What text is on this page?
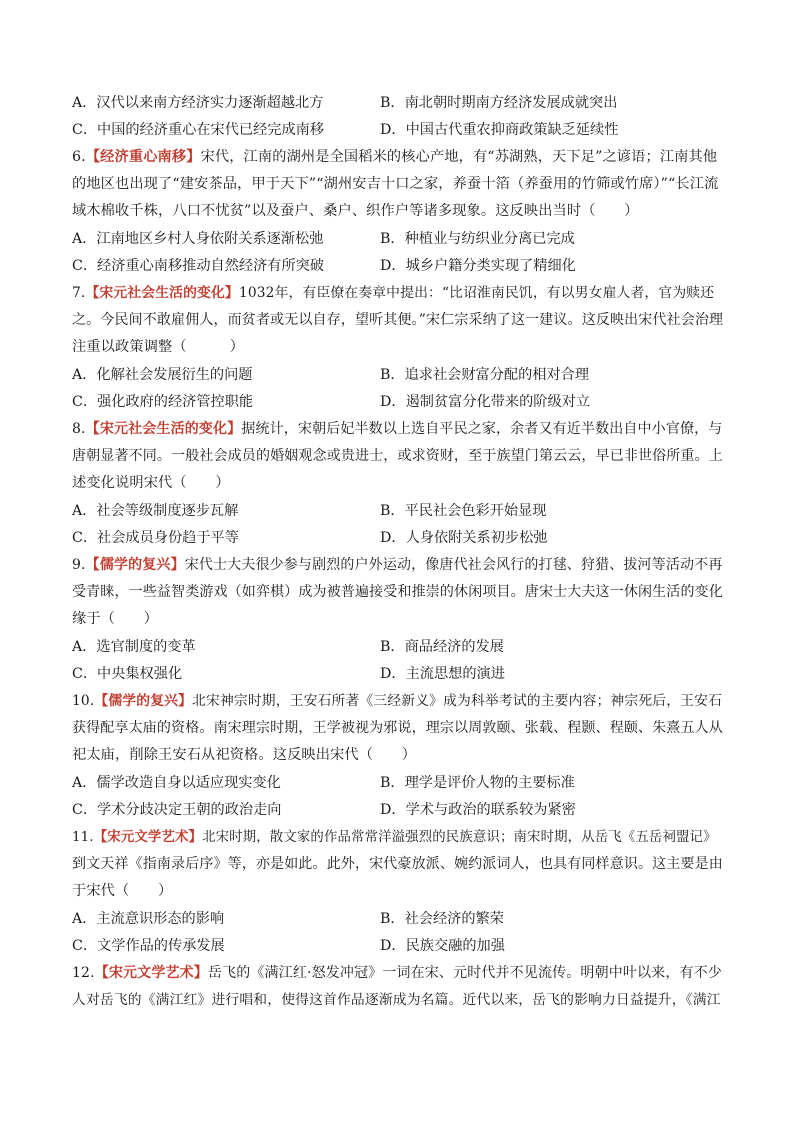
A．汉代以来南方经济实力逐渐超越北方	B．南北朝时期南方经济发展成就突出
C．中国的经济重心在宋代已经完成南移	D．中国古代重农抑商政策缺乏延续性
6.【经济重心南移】宋代，江南的湖州是全国稻米的核心产地，有“苏湖熟，天下足”之谚语；江南其他
的地区也出现了“建安茶品，甲于天下”“湖州安吉十口之家，养蚕十箔（养蚕用的竹筛或竹席）”“长江流
域木棉收千株，八口不忧贫”以及蚕户、桑户、织作户等诸多现象。这反映出当时（　　）
A．江南地区乡村人身依附关系逐渐松弛	B．种植业与纺织业分离已完成
C．经济重心南移推动自然经济有所突破	D．城乡户籍分类实现了精细化
7.【宋元社会生活的变化】1032年，有臣僚在奏章中提出：“比诏淮南民饥，有以男女雇人者，官为赎还
之。今民间不敢雇佣人，而贫者或无以自存，望听其便。”宋仁宗采纳了这一建议。这反映出宋代社会治理
注重以政策调整（　　　）
A．化解社会发展衍生的问题	B．追求社会财富分配的相对合理
C．强化政府的经济管控职能	D．遏制贫富分化带来的阶级对立
8.【宋元社会生活的变化】据统计，宋朝后妃半数以上选自平民之家，余者又有近半数出自中小官僚，与
唐朝显著不同。一般社会成员的婚姻观念或贵进士，或求资财，至于族望门第云云，早已非世俗所重。上
述变化说明宋代（　　）
A．社会等级制度逐步瓦解	B．平民社会色彩开始显现
C．社会成员身份趋于平等	D．人身依附关系初步松弛
9.【儒学的复兴】宋代士大夫很少参与剧烈的户外运动，像唐代社会风行的打毬、狩猎、拔河等活动不再
受青睐，一些益智类游戏（如弈棋）成为被普遍接受和推崇的休闲项目。唐宋士大夫这一休闲生活的变化
缘于（　　）
A．选官制度的变革	B．商品经济的发展
C．中央集权强化	D．主流思想的演进
10.【儒学的复兴】北宋神宗时期，王安石所著《三经新义》成为科举考试的主要内容；神宗死后，王安石
获得配享太庙的资格。南宋理宗时期，王学被视为邪说，理宗以周敦颐、张载、程颢、程颐、朱熹五人从
祀太庙，削除王安石从祀资格。这反映出宋代（　　）
A．儒学改造自身以适应现实变化	B．理学是评价人物的主要标准
C．学术分歧决定王朝的政治走向	D．学术与政治的联系较为紧密
11.【宋元文学艺术】北宋时期，散文家的作品常常洋溢强烈的民族意识；南宋时期，从岳飞《五岳祠盟记》
到文天祥《指南录后序》等，亦是如此。此外，宋代豪放派、婉约派词人，也具有同样意识。这主要是由
于宋代（　　）
A．主流意识形态的影响	B．社会经济的繁荣
C．文学作品的传承发展	D．民族交融的加强
12.【宋元文学艺术】岳飞的《满江红·怒发冲冠》一词在宋、元时代并不见流传。明朝中叶以来，有不少
人对岳飞的《满江红》进行唱和，使得这首作品逐渐成为名篇。近代以来，岳飞的影响力日益提升，《满江
